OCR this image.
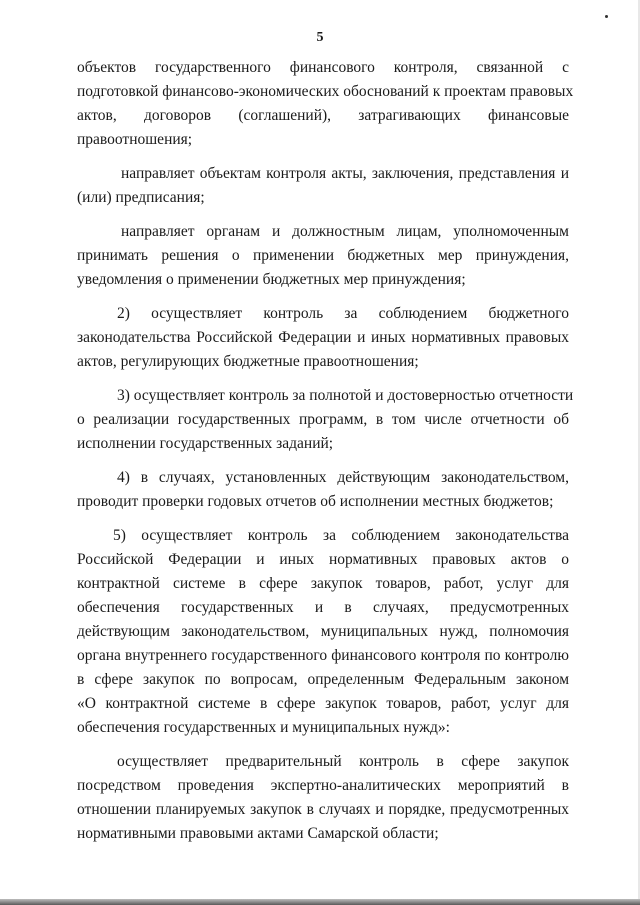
5
объектов государственного финансового контроля, связанной с
подготовкой финансово-экономических обоснований к проектам правовых
актов, договоров (соглашений), затрагивающих финансовые
правоотношения;
направляет объектам контроля акты, заключения, представления и
(или) предписания;
направляет органам и должностным лицам, уполномоченным
принимать решения о применении бюджетных мер принуждения,
уведомления о применении бюджетных мер принуждения;
2) осуществляет контроль за соблюдением бюджетного
законодательства Российской Федерации и иных нормативных правовых
актов, регулирующих бюджетные правоотношения;
3) осуществляет контроль за полнотой и достоверностью отчетности
о реализации государственных программ, в том числе отчетности об
исполнении государственных заданий;
4) в случаях, установленных действующим законодательством,
проводит проверки годовых отчетов об исполнении местных бюджетов;
5) осуществляет контроль за соблюдением законодательства
Российской Федерации и иных нормативных правовых актов о
контрактной системе в сфере закупок товаров, работ, услуг для
обеспечения государственных и в случаях, предусмотренных
действующим законодательством, муниципальных нужд, полномочия
органа внутреннего государственного финансового контроля по контролю
в сфере закупок по вопросам, определенным Федеральным законом
«О контрактной системе в сфере закупок товаров, работ, услуг для
обеспечения государственных и муниципальных нужд»:
осуществляет предварительный контроль в сфере закупок
посредством проведения экспертно-аналитических мероприятий в
отношении планируемых закупок в случаях и порядке, предусмотренных
нормативными правовыми актами Самарской области;
